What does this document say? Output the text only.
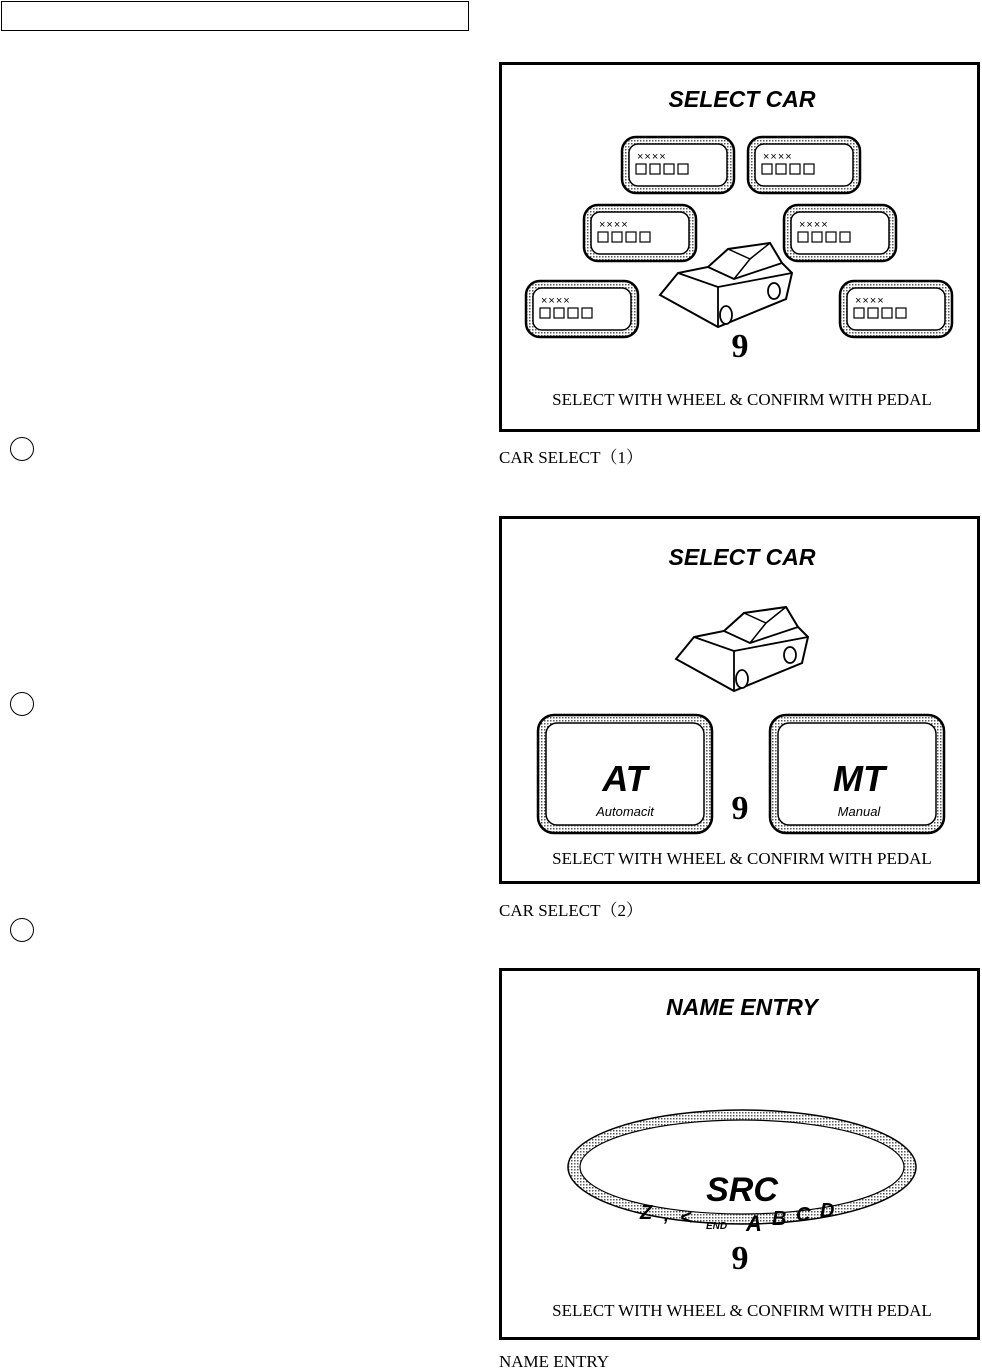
SELECT CAR
××××	××××
××××	××××
××××	××××
9
SELECT WITH WHEEL & CONFIRM WITH PEDAL
CAR SELECT（1）
SELECT CAR
AT
Automacit
MT
Manual
9
SELECT WITH WHEEL & CONFIRM WITH PEDAL
CAR SELECT（2）
NAME ENTRY
SRC
Z , < END A B C D
9
SELECT WITH WHEEL & CONFIRM WITH PEDAL
NAME ENTRY
